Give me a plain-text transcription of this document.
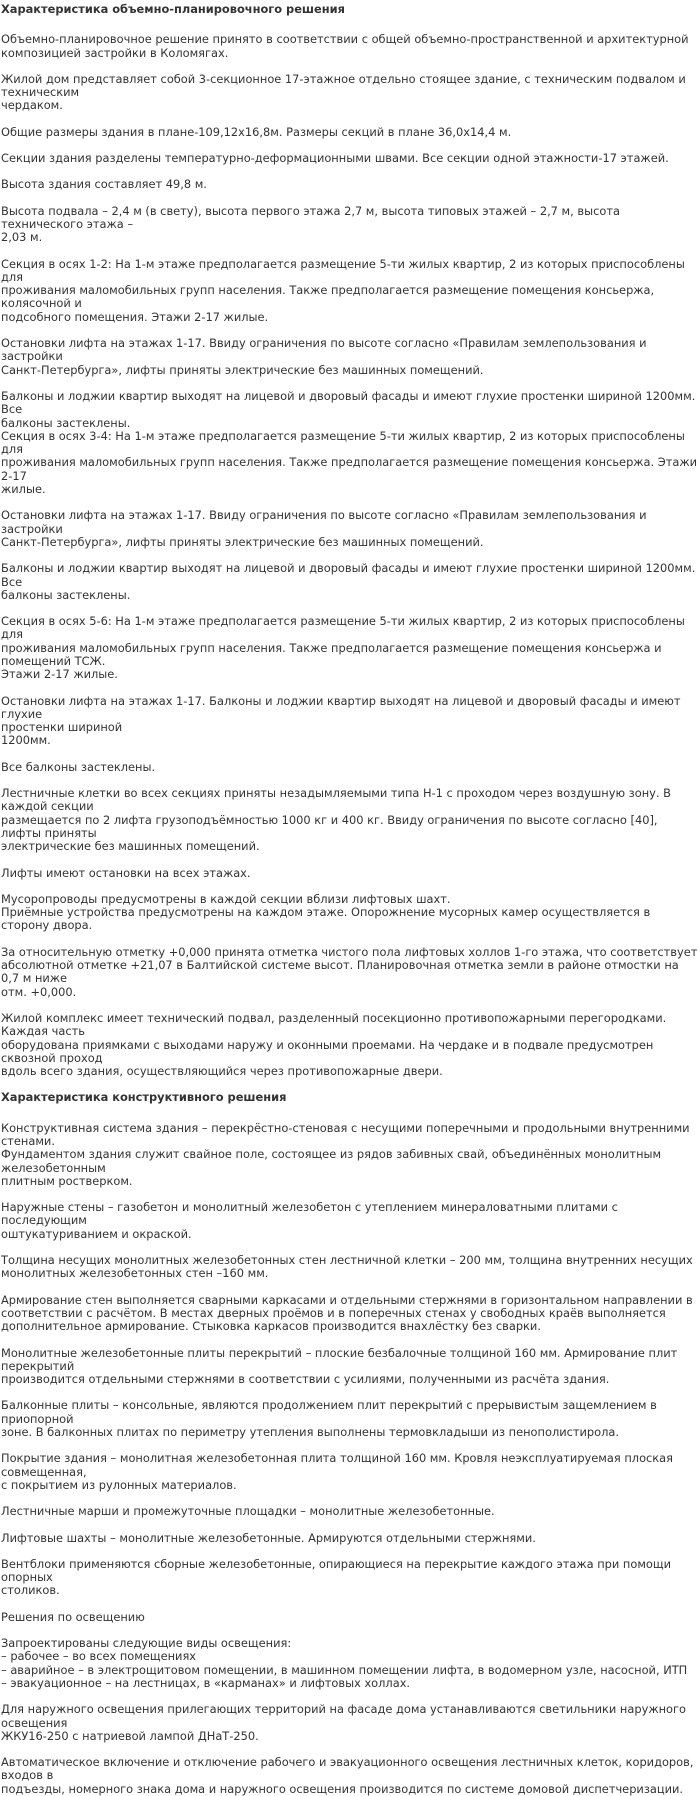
Характеристика объемно-планировочного решения

Объемно-планировочное решение принято в соответствии с общей объемно-пространственной и архитектурной
композицией застройки в Коломягах.

Жилой дом представляет собой 3-секционное 17-этажное отдельно стоящее здание, с техническим подвалом и техническим
чердаком.

Общие размеры здания в плане-109,12х16,8м. Размеры секций в плане 36,0х14,4 м.

Секции здания разделены температурно-деформационными швами. Все секции одной этажности-17 этажей.

Высота здания составляет 49,8 м.

Высота подвала – 2,4 м (в свету), высота первого этажа 2,7 м, высота типовых этажей – 2,7 м, высота технического этажа –
2,03 м.

Секция в осях 1-2: На 1-м этаже предполагается размещение 5-ти жилых квартир, 2 из которых приспособлены для
проживания маломобильных групп населения. Также предполагается размещение помещения консьержа, колясочной и
подсобного помещения. Этажи 2-17 жилые.

Остановки лифта на этажах 1-17. Ввиду ограничения по высоте согласно «Правилам землепользования и застройки
Санкт-Петербурга», лифты приняты электрические без машинных помещений.

Балконы и лоджии квартир выходят на лицевой и дворовый фасады и имеют глухие простенки шириной 1200мм. Все
балконы застеклены.
Секция в осях 3-4: На 1-м этаже предполагается размещение 5-ти жилых квартир, 2 из которых приспособлены для
проживания маломобильных групп населения. Также предполагается размещение помещения консьержа. Этажи 2-17
жилые.

Остановки лифта на этажах 1-17. Ввиду ограничения по высоте согласно «Правилам землепользования и застройки
Санкт-Петербурга», лифты приняты электрические без машинных помещений.

Балконы и лоджии квартир выходят на лицевой и дворовый фасады и имеют глухие простенки шириной 1200мм. Все
балконы застеклены.

Секция в осях 5-6: На 1-м этаже предполагается размещение 5-ти жилых квартир, 2 из которых приспособлены для
проживания маломобильных групп населения. Также предполагается размещение помещения консьержа и помещений ТСЖ.
Этажи 2-17 жилые.

Остановки лифта на этажах 1-17. Балконы и лоджии квартир выходят на лицевой и дворовый фасады и имеют глухие
простенки шириной
1200мм.

Все балконы застеклены.

Лестничные клетки во всех секциях приняты незадымляемыми типа Н-1 с проходом через воздушную зону. В каждой секции
размещается по 2 лифта грузоподъёмностью 1000 кг и 400 кг. Ввиду ограничения по высоте согласно [40], лифты приняты
электрические без машинных помещений.

Лифты имеют остановки на всех этажах.

Мусоропроводы предусмотрены в каждой секции вблизи лифтовых шахт.
Приёмные устройства предусмотрены на каждом этаже. Опорожнение мусорных камер осуществляется в сторону двора.

За относительную отметку +0,000 принята отметка чистого пола лифтовых холлов 1-го этажа, что соответствует
абсолютной отметке +21,07 в Балтийской системе высот. Планировочная отметка земли в районе отмостки на 0,7 м ниже
отм. +0,000.

Жилой комплекс имеет технический подвал, разделенный посекционно противопожарными перегородками. Каждая часть
оборудована приямками с выходами наружу и оконными проемами. На чердаке и в подвале предусмотрен сквозной проход
вдоль всего здания, осуществляющийся через противопожарные двери.

Характеристика конструктивного решения

Конструктивная система здания – перекрёстно-стеновая с несущими поперечными и продольными внутренними стенами.
Фундаментом здания служит свайное поле, состоящее из рядов забивных свай, объединённых монолитным железобетонным
плитным ростверком.

Наружные стены – газобетон и монолитный железобетон с утеплением минераловатными плитами с последующим
оштукатуриванием и окраской.

Толщина несущих монолитных железобетонных стен лестничной клетки – 200 мм, толщина внутренних несущих
монолитных железобетонных стен –160 мм.

Армирование стен выполняется сварными каркасами и отдельными стержнями в горизонтальном направлении в
соответствии с расчётом. В местах дверных проёмов и в поперечных стенах у свободных краёв выполняется
дополнительное армирование. Стыковка каркасов производится внахлёстку без сварки.

Монолитные железобетонные плиты перекрытий – плоские безбалочные толщиной 160 мм. Армирование плит перекрытий
производится отдельными стержнями в соответствии с усилиями, полученными из расчёта здания.

Балконные плиты – консольные, являются продолжением плит перекрытий с прерывистым защемлением в приопорной
зоне. В балконных плитах по периметру утепления выполнены термовкладыши из пенополистирола.

Покрытие здания – монолитная железобетонная плита толщиной 160 мм. Кровля неэксплуатируемая плоская совмещенная,
с покрытием из рулонных материалов.

Лестничные марши и промежуточные площадки – монолитные железобетонные.

Лифтовые шахты – монолитные железобетонные. Армируются отдельными стержнями.

Вентблоки применяются сборные железобетонные, опирающиеся на перекрытие каждого этажа при помощи опорных
столиков.

Решения по освещению

Запроектированы следующие виды освещения:
– рабочее – во всех помещениях
– аварийное – в электрощитовом помещении, в машинном помещении лифта, в водомерном узле, насосной, ИТП
– эвакуационное – на лестницах, в «карманах» и лифтовых холлах.

Для наружного освещения прилегающих территорий на фасаде дома устанавливаются светильники наружного освещения
ЖКУ16-250 с натриевой лампой ДНаТ-250.

Автоматическое включение и отключение рабочего и эвакуационного освещения лестничных клеток, коридоров, входов в
подъезды, номерного знака дома и наружного освещения производится по системе домовой диспетчеризации.
